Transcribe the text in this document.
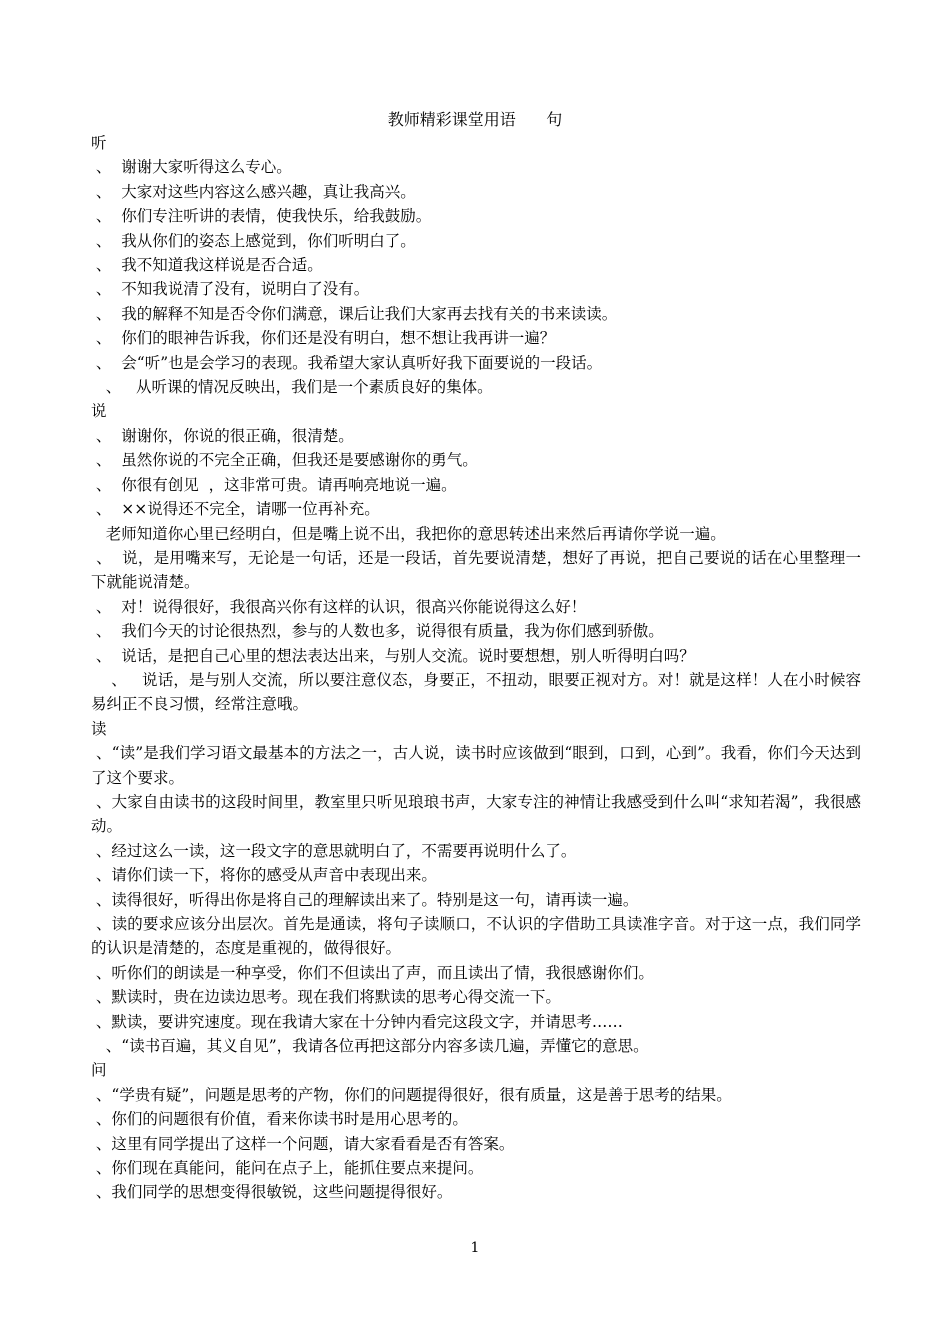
教师精彩课堂用语      句
听
、  谢谢大家听得这么专心。
、  大家对这些内容这么感兴趣，真让我高兴。
、  你们专注听讲的表情，使我快乐，给我鼓励。
、  我从你们的姿态上感觉到，你们听明白了。
、  我不知道我这样说是否合适。
、  不知我说清了没有，说明白了没有。
、  我的解释不知是否令你们满意，课后让我们大家再去找有关的书来读读。
、  你们的眼神告诉我，你们还是没有明白，想不想让我再讲一遍？
、  会“听”也是会学习的表现。我希望大家认真听好我下面要说的一段话。
、   从听课的情况反映出，我们是一个素质良好的集体。
说
、  谢谢你，你说的很正确，很清楚。
、  虽然你说的不完全正确，但我还是要感谢你的勇气。
、  你很有创见  ，这非常可贵。请再响亮地说一遍。
、  ××说得还不完全，请哪一位再补充。
老师知道你心里已经明白，但是嘴上说不出，我把你的意思转述出来然后再请你学说一遍。
、  说，是用嘴来写，无论是一句话，还是一段话，首先要说清楚，想好了再说，把自己要说的话在心里整理一下就能说清楚。
、  对！说得很好，我很高兴你有这样的认识，很高兴你能说得这么好！
、  我们今天的讨论很热烈，参与的人数也多，说得很有质量，我为你们感到骄傲。
、  说话，是把自己心里的想法表达出来，与别人交流。说时要想想，别人听得明白吗？
、   说话，是与别人交流，所以要注意仪态，身要正，不扭动，眼要正视对方。对！就是这样！人在小时候容易纠正不良习惯，经常注意哦。
读
、“读”是我们学习语文最基本的方法之一，古人说，读书时应该做到“眼到，口到，心到”。我看，你们今天达到了这个要求。
、大家自由读书的这段时间里，教室里只听见琅琅书声，大家专注的神情让我感受到什么叫“求知若渴”，我很感动。
、经过这么一读，这一段文字的意思就明白了，不需要再说明什么了。
、请你们读一下，将你的感受从声音中表现出来。
、读得很好，听得出你是将自己的理解读出来了。特别是这一句，请再读一遍。
、读的要求应该分出层次。首先是通读，将句子读顺口，不认识的字借助工具读准字音。对于这一点，我们同学的认识是清楚的，态度是重视的，做得很好。
、听你们的朗读是一种享受，你们不但读出了声，而且读出了情，我很感谢你们。
、默读时，贵在边读边思考。现在我们将默读的思考心得交流一下。
、默读，要讲究速度。现在我请大家在十分钟内看完这段文字，并请思考……
、“读书百遍，其义自见”，我请各位再把这部分内容多读几遍，弄懂它的意思。
问
、“学贵有疑”，问题是思考的产物，你们的问题提得很好，很有质量，这是善于思考的结果。
、你们的问题很有价值，看来你读书时是用心思考的。
、这里有同学提出了这样一个问题，请大家看看是否有答案。
、你们现在真能问，能问在点子上，能抓住要点来提问。
、我们同学的思想变得很敏锐，这些问题提得很好。
1
